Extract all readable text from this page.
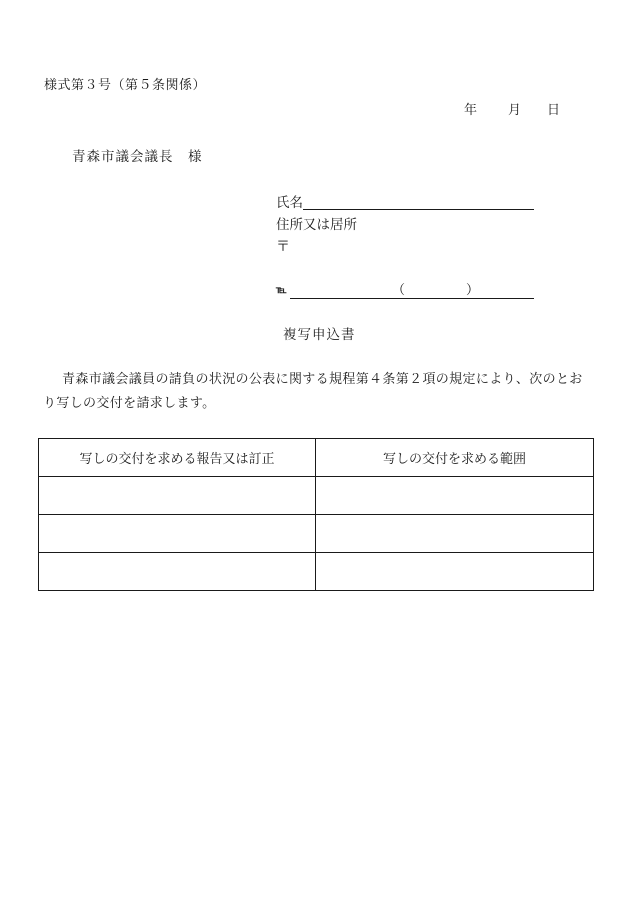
様式第３号（第５条関係）
年 月 日
青森市議会議長　様
氏名
住所又は居所
〒
℡	（	）
複写申込書
青森市議会議員の請負の状況の公表に関する規程第４条第２項の規定により、次のとお
り写しの交付を請求します。
写しの交付を求める報告又は訂正	写しの交付を求める範囲
